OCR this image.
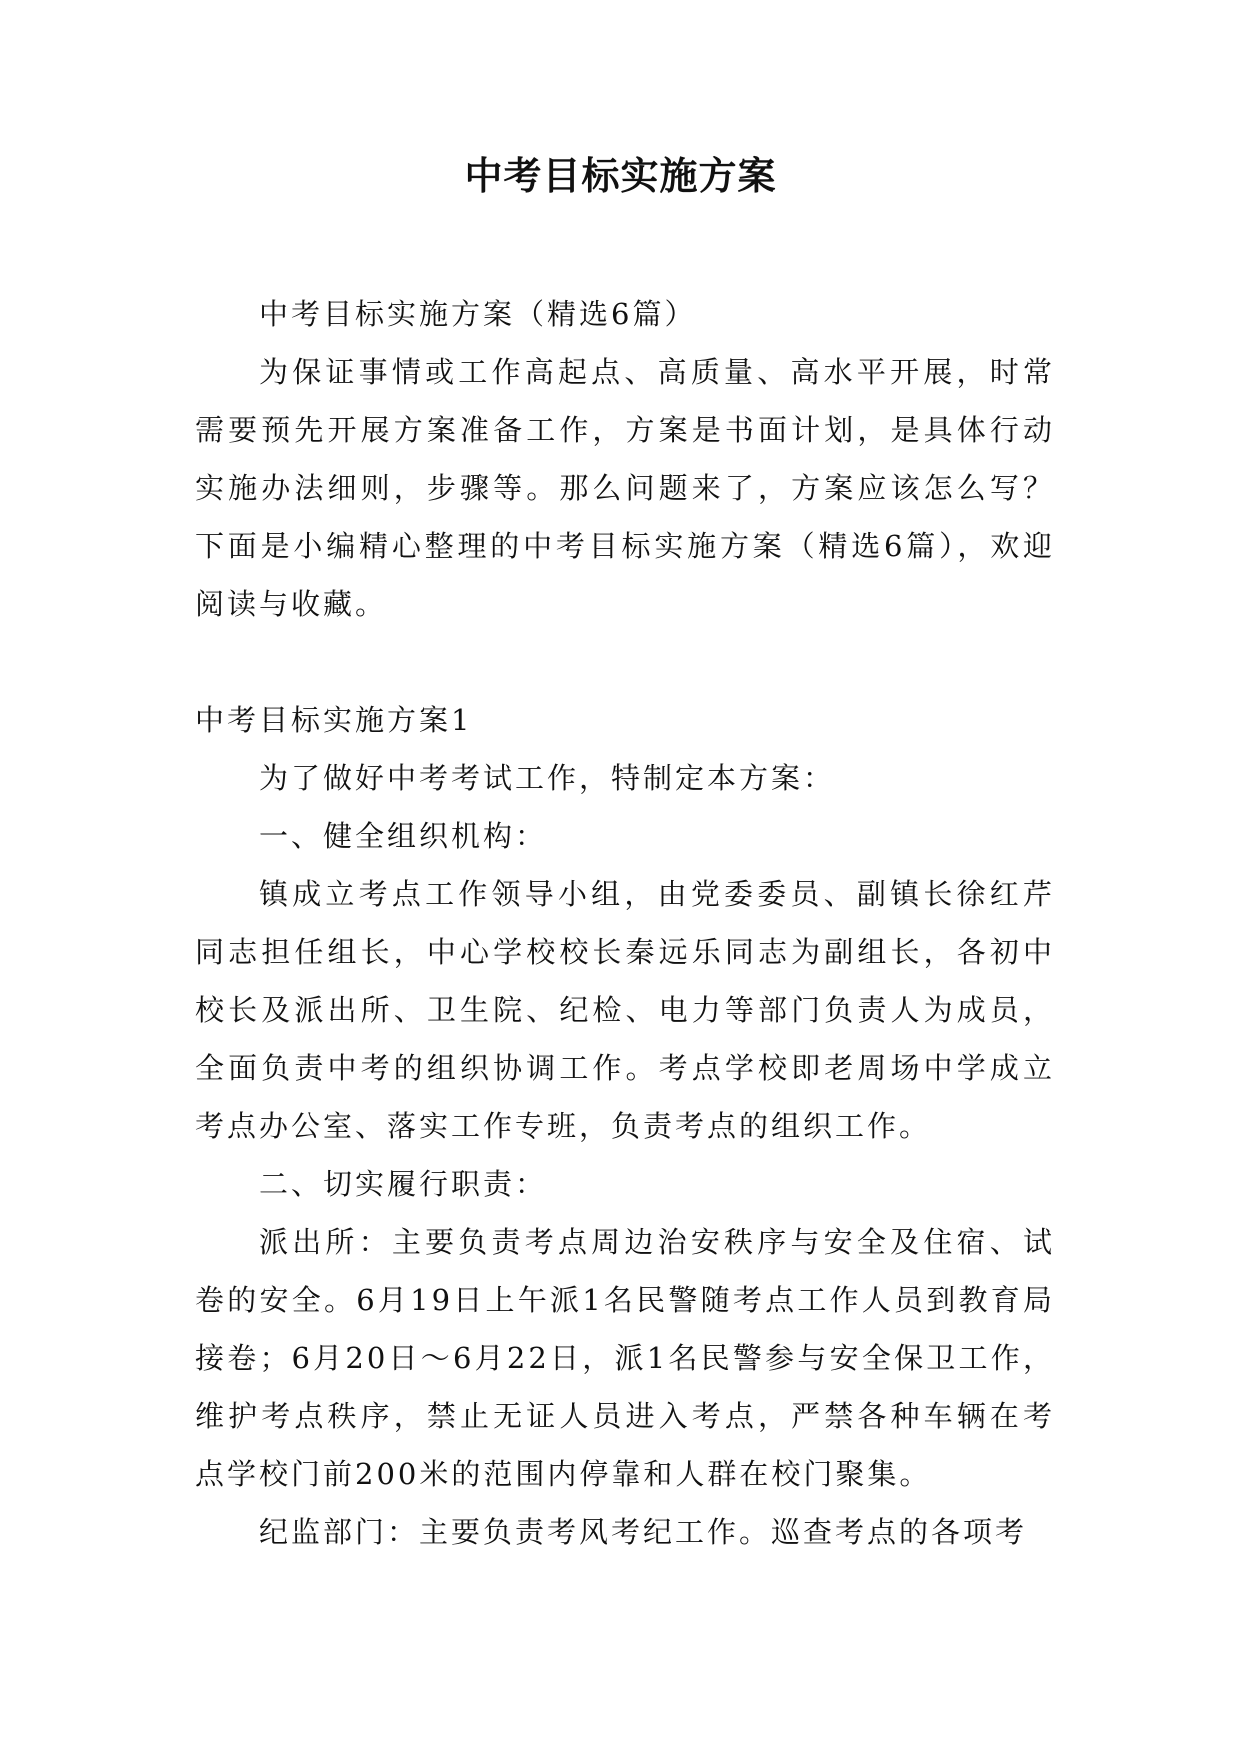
中考目标实施方案

中考目标实施方案（精选6篇）

为保证事情或工作高起点、高质量、高水平开展，时常需要预先开展方案准备工作，方案是书面计划，是具体行动实施办法细则，步骤等。那么问题来了，方案应该怎么写？下面是小编精心整理的中考目标实施方案（精选6篇），欢迎阅读与收藏。

中考目标实施方案1

为了做好中考考试工作，特制定本方案：

一、健全组织机构：

镇成立考点工作领导小组，由党委委员、副镇长徐红芹同志担任组长，中心学校校长秦远乐同志为副组长，各初中校长及派出所、卫生院、纪检、电力等部门负责人为成员，全面负责中考的组织协调工作。考点学校即老周场中学成立考点办公室、落实工作专班，负责考点的组织工作。

二、切实履行职责：

派出所：主要负责考点周边治安秩序与安全及住宿、试卷的安全。6月19日上午派1名民警随考点工作人员到教育局接卷；6月20日～6月22日，派1名民警参与安全保卫工作，维护考点秩序，禁止无证人员进入考点，严禁各种车辆在考点学校门前200米的范围内停靠和人群在校门聚集。

纪监部门：主要负责考风考纪工作。巡查考点的各项考
